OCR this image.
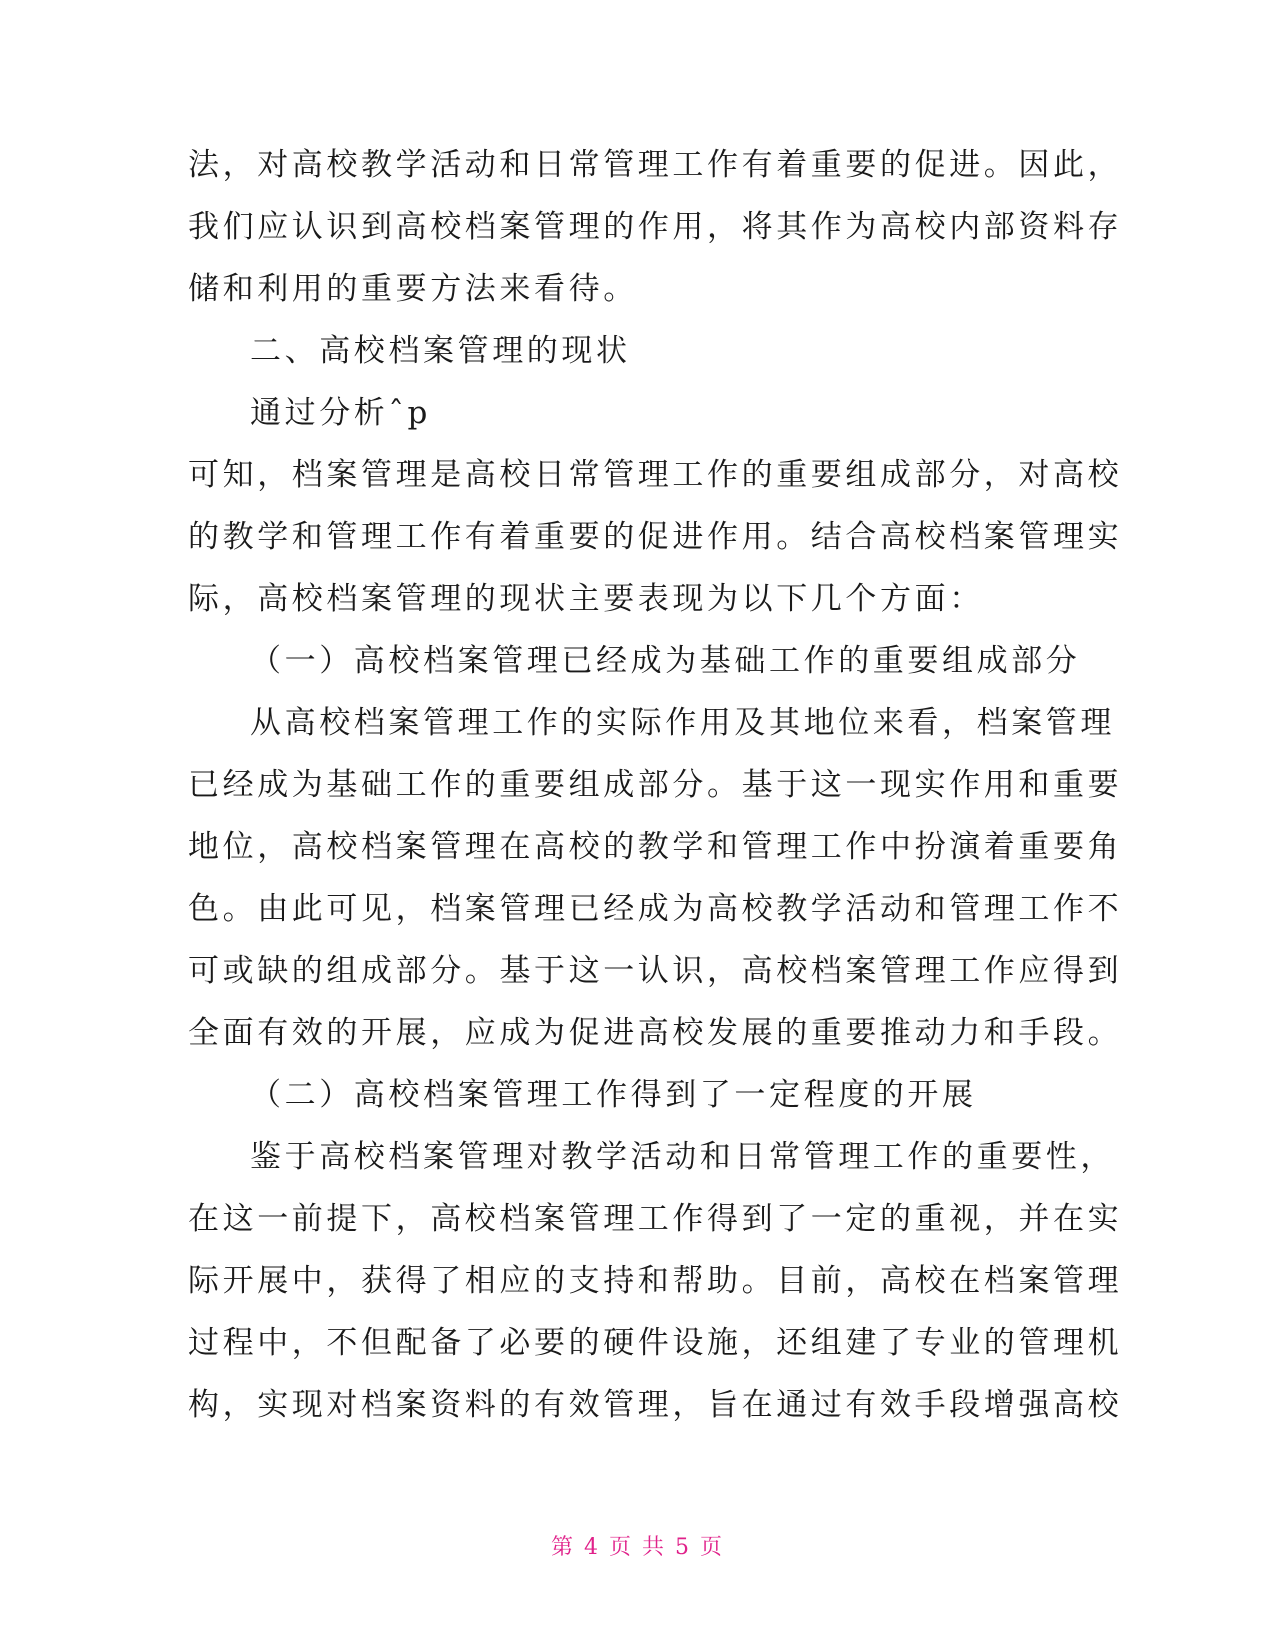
法，对高校教学活动和日常管理工作有着重要的促进。因此，
我们应认识到高校档案管理的作用，将其作为高校内部资料存
储和利用的重要方法来看待。
二、高校档案管理的现状
通过分析ˆp
可知，档案管理是高校日常管理工作的重要组成部分，对高校
的教学和管理工作有着重要的促进作用。结合高校档案管理实
际，高校档案管理的现状主要表现为以下几个方面：
（一）高校档案管理已经成为基础工作的重要组成部分
从高校档案管理工作的实际作用及其地位来看，档案管理
已经成为基础工作的重要组成部分。基于这一现实作用和重要
地位，高校档案管理在高校的教学和管理工作中扮演着重要角
色。由此可见，档案管理已经成为高校教学活动和管理工作不
可或缺的组成部分。基于这一认识，高校档案管理工作应得到
全面有效的开展，应成为促进高校发展的重要推动力和手段。
（二）高校档案管理工作得到了一定程度的开展
鉴于高校档案管理对教学活动和日常管理工作的重要性，
在这一前提下，高校档案管理工作得到了一定的重视，并在实
际开展中，获得了相应的支持和帮助。目前，高校在档案管理
过程中，不但配备了必要的硬件设施，还组建了专业的管理机
构，实现对档案资料的有效管理，旨在通过有效手段增强高校
第 4 页 共 5 页
